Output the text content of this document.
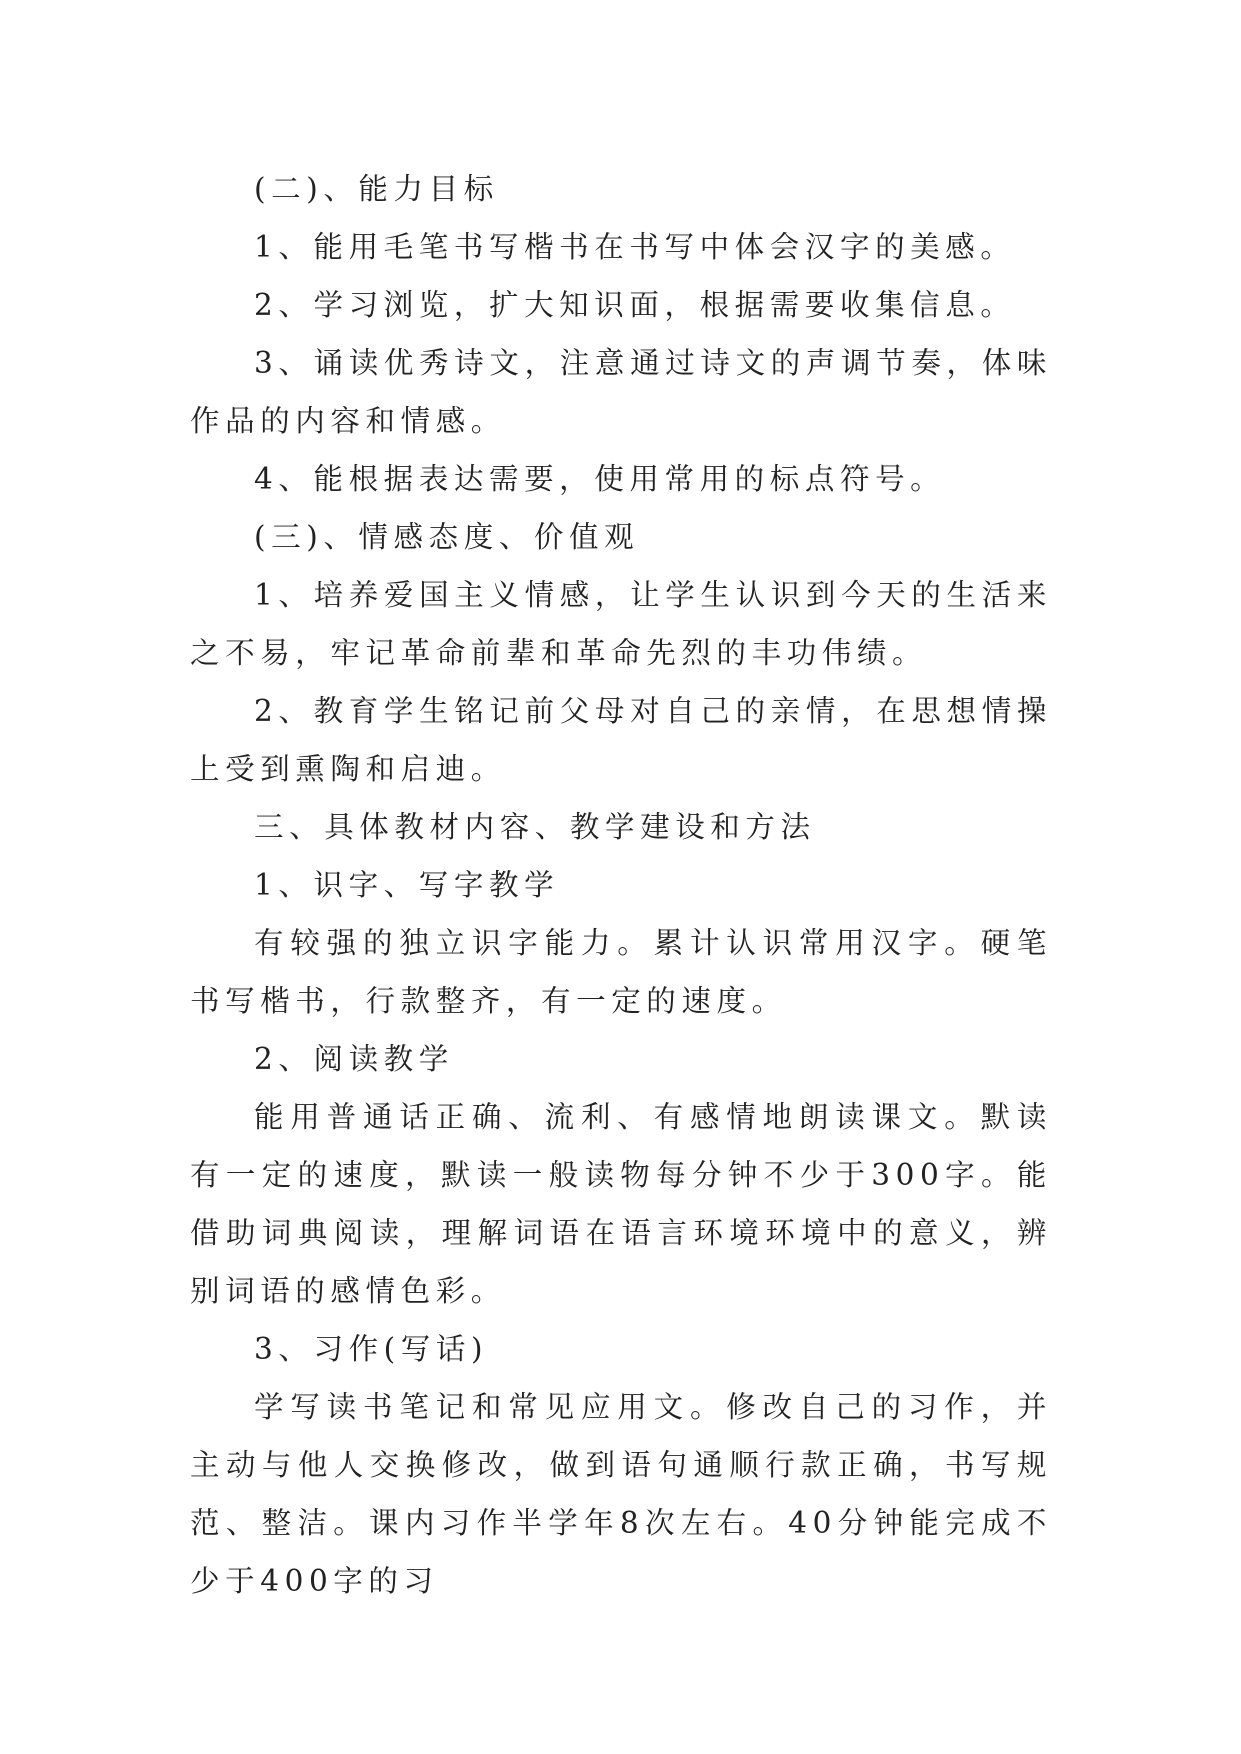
(二)、能力目标

1、能用毛笔书写楷书在书写中体会汉字的美感。

2、学习浏览，扩大知识面，根据需要收集信息。

3、诵读优秀诗文，注意通过诗文的声调节奏，体味作品的内容和情感。

4、能根据表达需要，使用常用的标点符号。

(三)、情感态度、价值观

1、培养爱国主义情感，让学生认识到今天的生活来之不易，牢记革命前辈和革命先烈的丰功伟绩。

2、教育学生铭记前父母对自己的亲情，在思想情操上受到熏陶和启迪。

三、具体教材内容、教学建设和方法

1、识字、写字教学

有较强的独立识字能力。累计认识常用汉字。硬笔书写楷书，行款整齐，有一定的速度。

2、阅读教学

能用普通话正确、流利、有感情地朗读课文。默读有一定的速度，默读一般读物每分钟不少于300字。能借助词典阅读，理解词语在语言环境环境中的意义，辨别词语的感情色彩。

3、习作(写话)

学写读书笔记和常见应用文。修改自己的习作，并主动与他人交换修改，做到语句通顺行款正确，书写规范、整洁。课内习作半学年8次左右。40分钟能完成不少于400字的习
